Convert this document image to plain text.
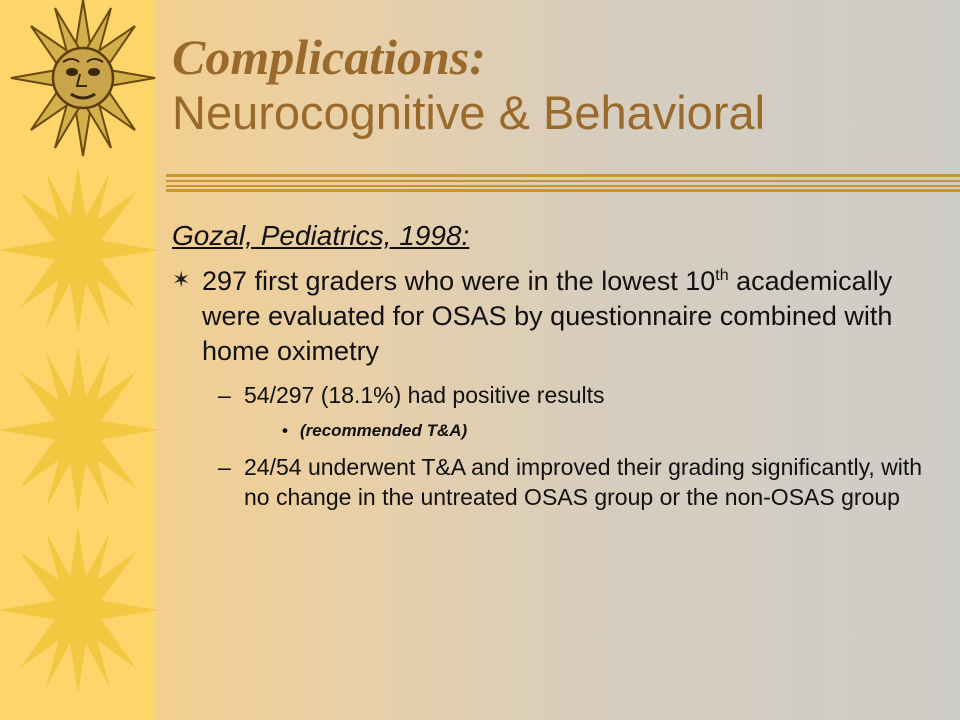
Complications:
Neurocognitive & Behavioral
Gozal, Pediatrics, 1998:
✶ 297 first graders who were in the lowest 10th academically were evaluated for OSAS by questionnaire combined with home oximetry
– 54/297 (18.1%) had positive results
• (recommended T&A)
– 24/54 underwent T&A and improved their grading significantly, with no change in the untreated OSAS group or the non-OSAS group
